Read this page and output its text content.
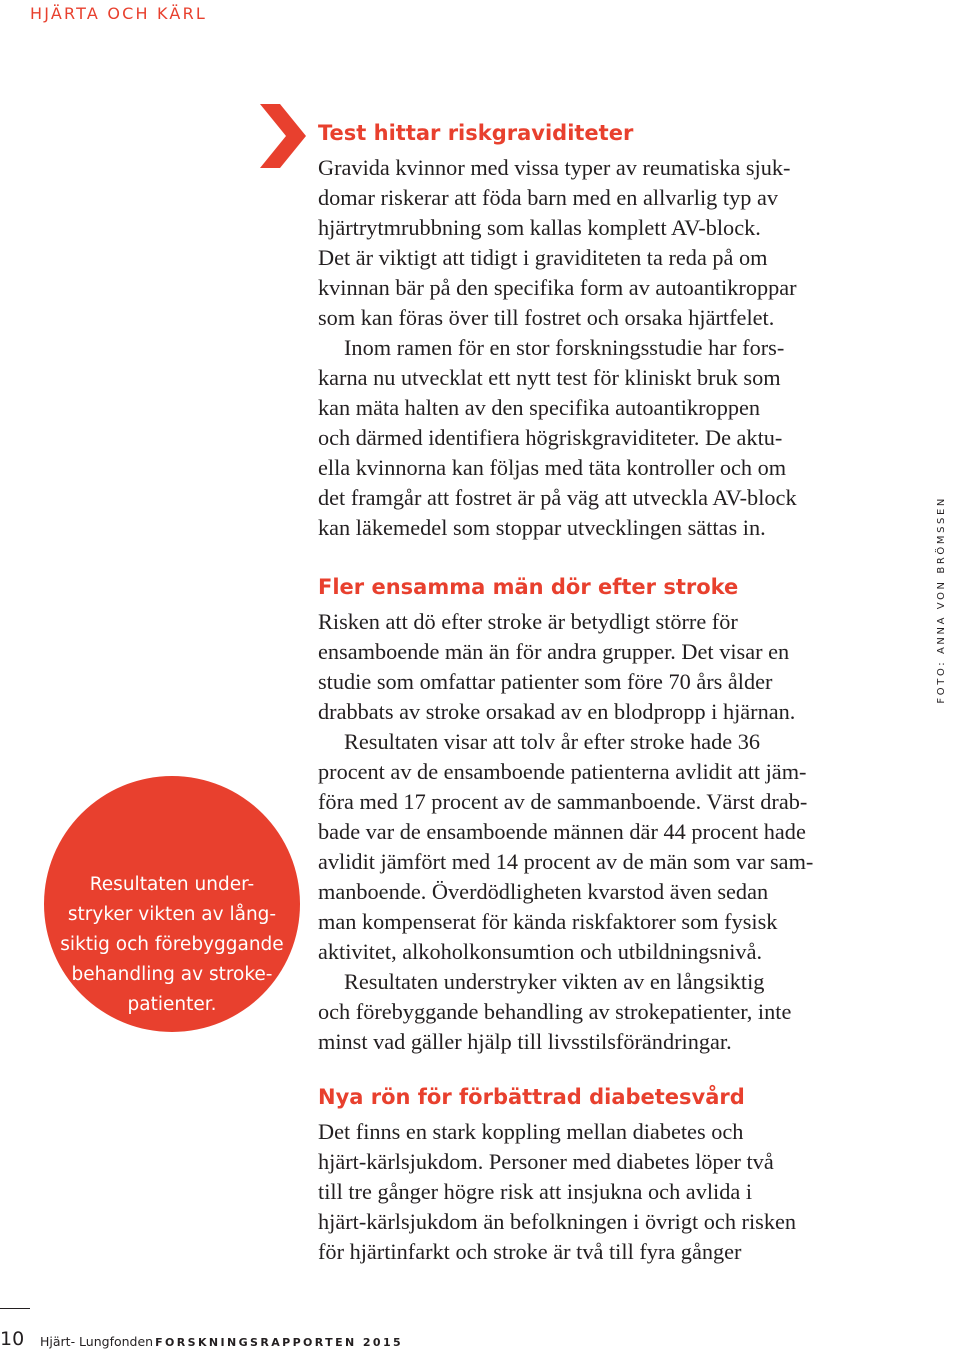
HJÄRTA OCH KÄRL
Test hittar riskgraviditeter

Gravida kvinnor med vissa typer av reumatiska sjuk-

domar riskerar att föda barn med en allvarlig typ av

hjärtrytmrubbning som kallas komplett AV-block.

Det är viktigt att tidigt i graviditeten ta reda på om

kvinnan bär på den specifika form av autoantikroppar

som kan föras över till fostret och orsaka hjärtfelet.

Inom ramen för en stor forskningsstudie har fors-

karna nu utvecklat ett nytt test för kliniskt bruk som

kan mäta halten av den specifika autoantikroppen

och därmed identifiera högriskgraviditeter. De aktu-

ella kvinnorna kan följas med täta kontroller och om

det framgår att fostret är på väg att utveckla AV-block

kan läkemedel som stoppar utvecklingen sättas in.

Fler ensamma män dör efter stroke

Risken att dö efter stroke är betydligt större för

ensamboende män än för andra grupper. Det visar en

studie som omfattar patienter som före 70 års ålder

drabbats av stroke orsakad av en blodpropp i hjärnan.

Resultaten visar att tolv år efter stroke hade 36

procent av de ensamboende patienterna avlidit att jäm-

föra med 17 procent av de sammanboende. Värst drab-

bade var de ensamboende männen där 44 procent hade

avlidit jämfört med 14 procent av de män som var sam-

manboende. Överdödligheten kvarstod även sedan

man kompenserat för kända riskfaktorer som fysisk

aktivitet, alkoholkonsumtion och utbildningsnivå.

Resultaten understryker vikten av en långsiktig

och förebyggande behandling av strokepatienter, inte

minst vad gäller hjälp till livsstilsförändringar.

Nya rön för förbättrad diabetesvård

Det finns en stark koppling mellan diabetes och

hjärt-kärlsjukdom. Personer med diabetes löper två

till tre gånger högre risk att insjukna och avlida i

hjärt-kärlsjukdom än befolkningen i övrigt och risken

för hjärtinfarkt och stroke är två till fyra gånger

Resultaten under-
stryker vikten av lång-
siktig och förebyggande
behandling av stroke-
patienter.
FOTO: ANNA VON BRÖMSSEN
10 Hjärt- Lungfonden FORSKNINGSRAPPORTEN 2015
